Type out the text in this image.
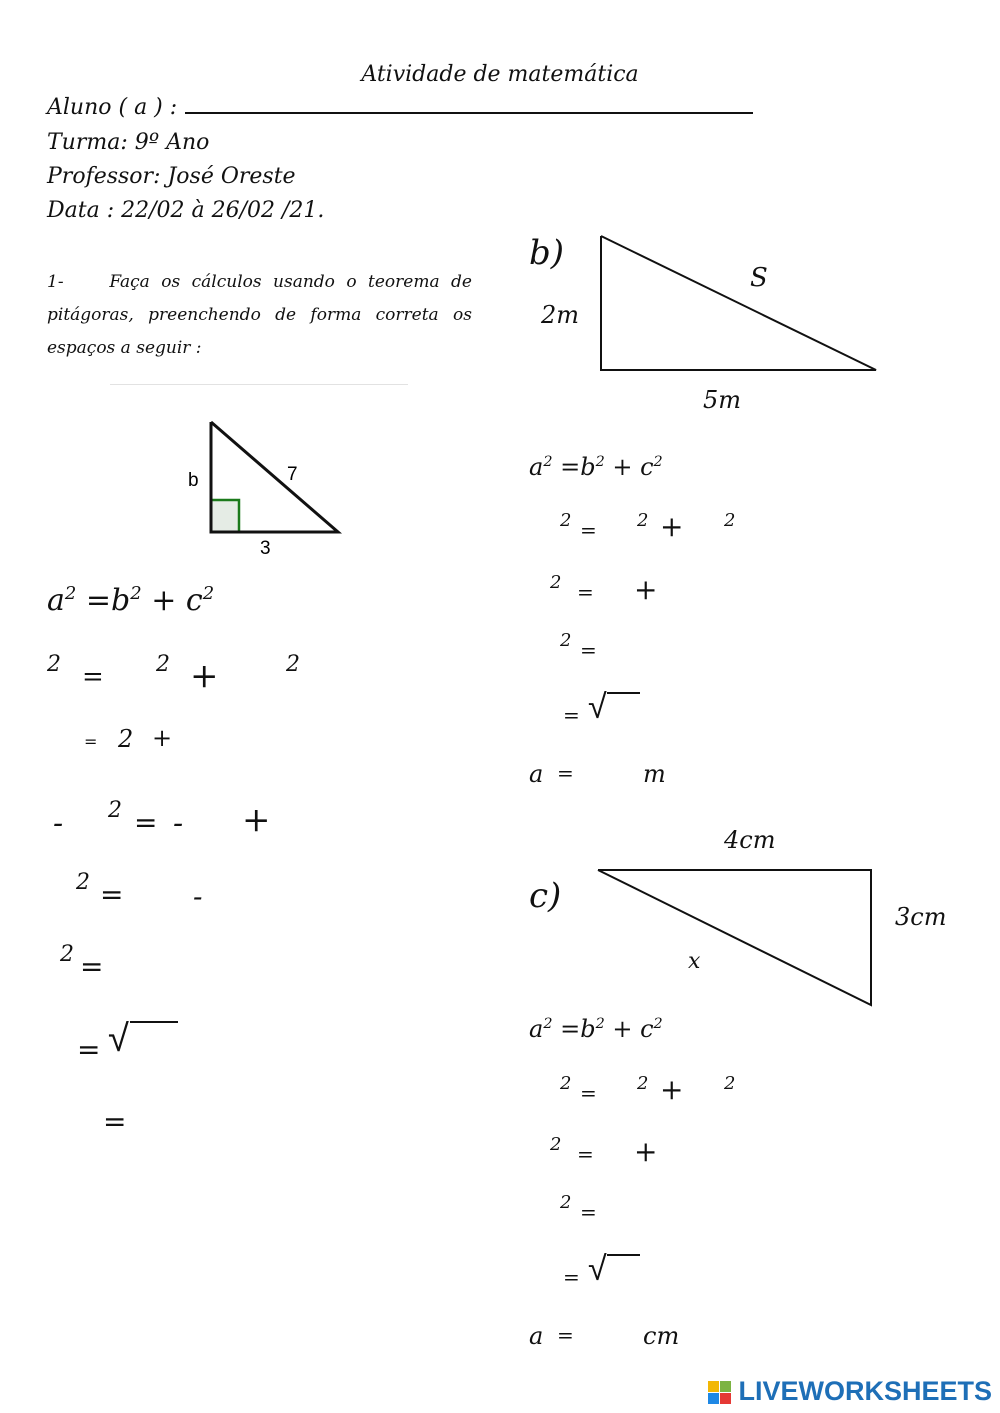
Atividade de matemática
Aluno ( a ) :
Turma: 9º Ano
Professor: José Oreste
Data : 22/02 à 26/02 /21.
1-	Faça os cálculos usando o teorema de pitágoras, preenchendo de forma correta os espaços a seguir :
b	7
3
$a^2 =b^2 + c^2$
2 = 2 +	2
= 2 +
- 2 = - +
2 = -
2 =
= √
=
b)
2m
S
5m
$a^2 =b^2 + c^2$
2 = 2 + 2
2 = +
2 =
= √
a =	m
4cm
c)
3cm
x
$a^2 =b^2 + c^2$
2 = 2 + 2
2 = +
2 =
= √
a =	cm
LIVEWORKSHEETS
